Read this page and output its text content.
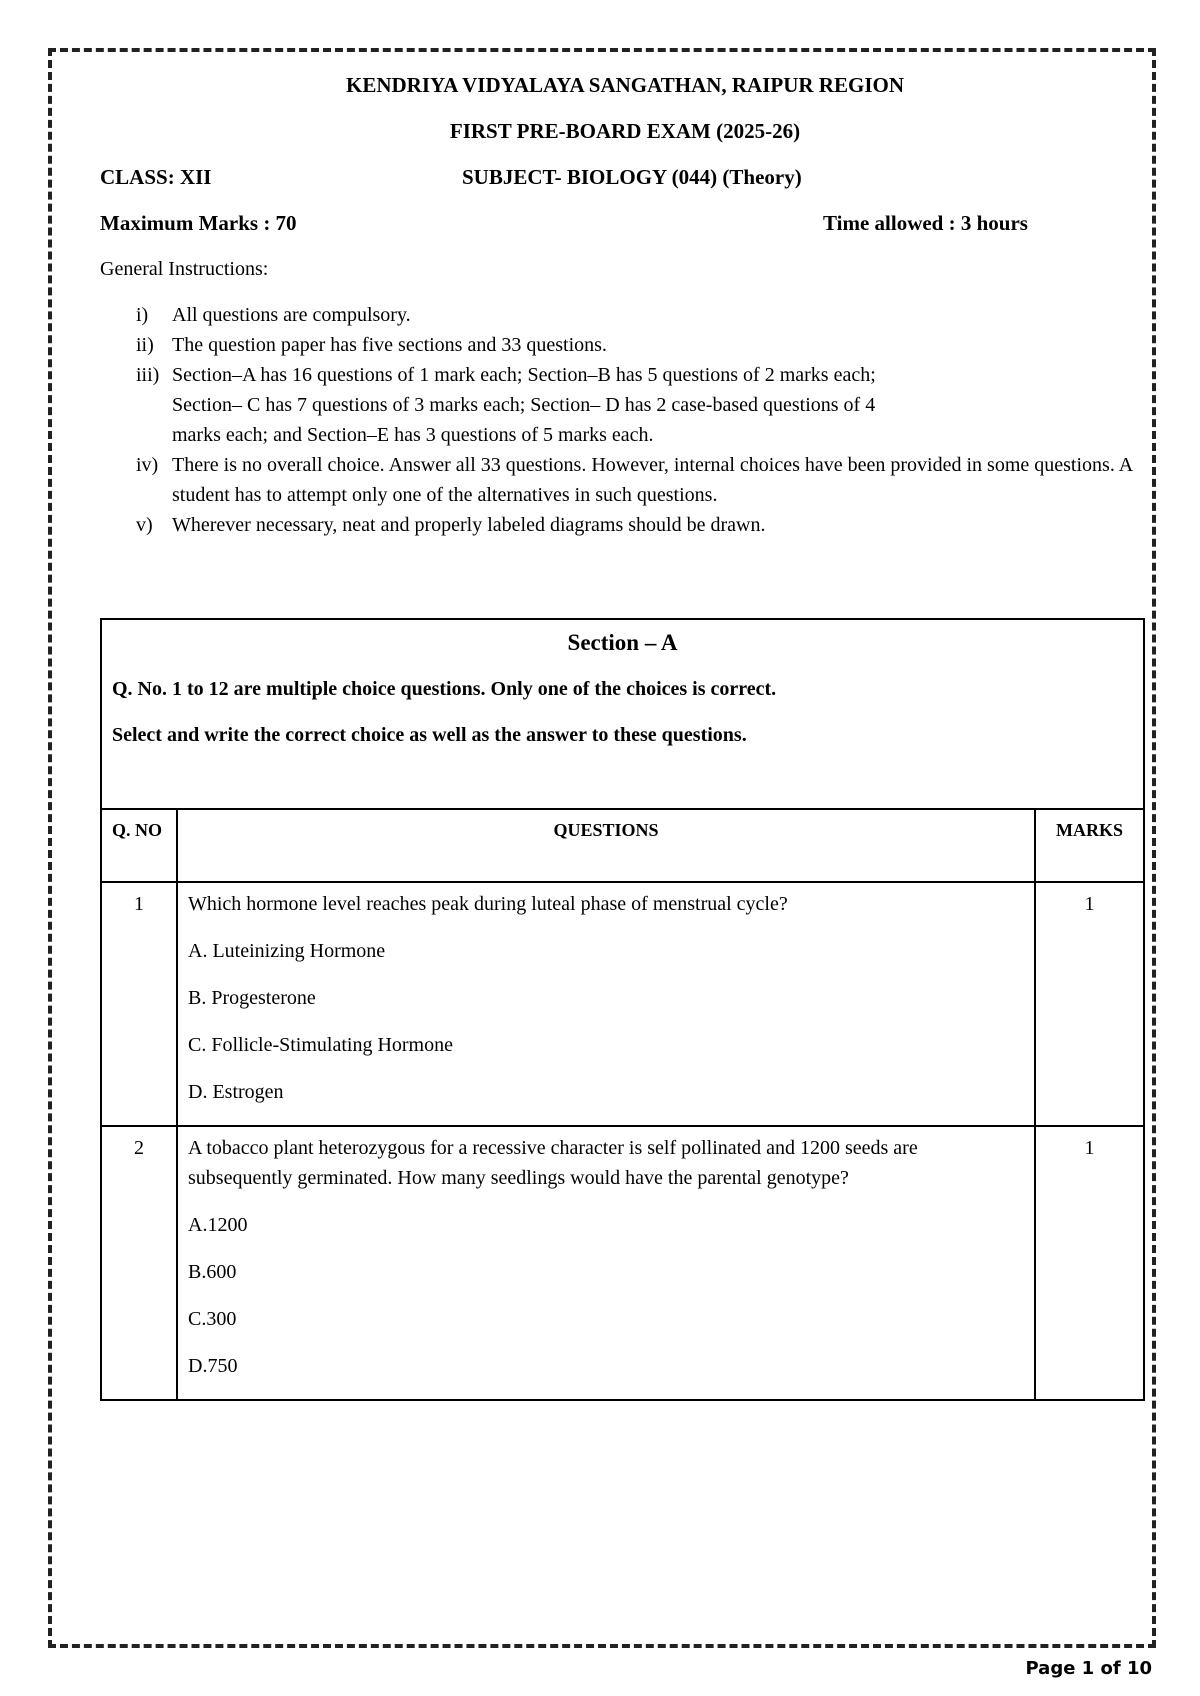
KENDRIYA VIDYALAYA SANGATHAN, RAIPUR REGION
FIRST PRE-BOARD EXAM (2025-26)
CLASS: XII	SUBJECT- BIOLOGY (044) (Theory)
Maximum Marks : 70	Time allowed : 3 hours
General Instructions:
i) All questions are compulsory.
ii) The question paper has five sections and 33 questions.
iii) Section–A has 16 questions of 1 mark each; Section–B has 5 questions of 2 marks each; Section– C has 7 questions of 3 marks each; Section– D has 2 case-based questions of 4 marks each; and Section–E has 3 questions of 5 marks each.
iv) There is no overall choice. Answer all 33 questions. However, internal choices have been provided in some questions. A student has to attempt only one of the alternatives in such questions.
v) Wherever necessary, neat and properly labeled diagrams should be drawn.
Section – A
Q. No. 1 to 12 are multiple choice questions. Only one of the choices is correct.
Select and write the correct choice as well as the answer to these questions.
Q. NO	QUESTIONS	MARKS
1	Which hormone level reaches peak during luteal phase of menstrual cycle?
A. Luteinizing Hormone
B. Progesterone
C. Follicle-Stimulating Hormone
D. Estrogen	1
2	A tobacco plant heterozygous for a recessive character is self pollinated and 1200 seeds are subsequently germinated. How many seedlings would have the parental genotype?
A.1200
B.600
C.300
D.750	1
Page 1 of 10
